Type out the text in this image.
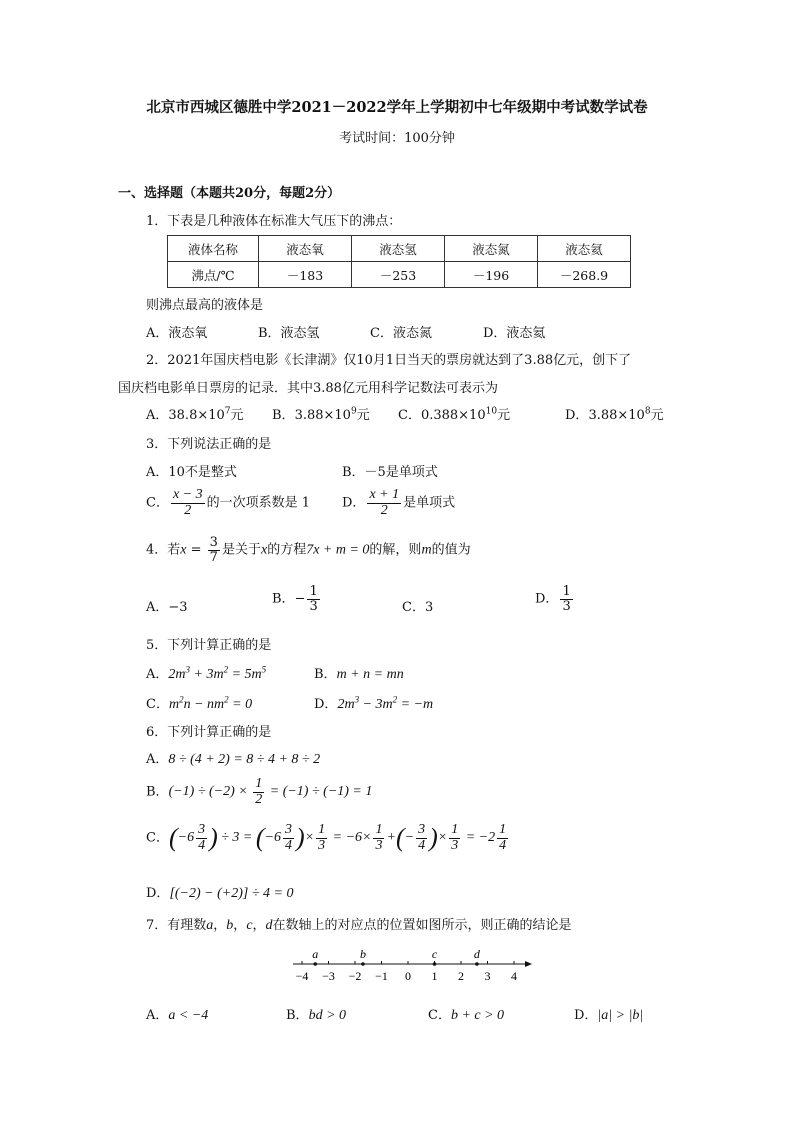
北京市西城区德胜中学2021－2022学年上学期初中七年级期中考试数学试卷
考试时间：100分钟
一、选择题（本题共20分，每题2分）
1．下表是几种液体在标准大气压下的沸点：
液体名称	液态氧	液态氢	液态氮	液态氦
沸点/℃	－183	－253	－196	－268.9
则沸点最高的液体是
A．液态氧	B．液态氢	C．液态氮	D．液态氦
2．2021年国庆档电影《长津湖》仅10月1日当天的票房就达到了3.88亿元，创下了
国庆档电影单日票房的记录．其中3.88亿元用科学记数法可表示为
A．$38.8\times 10^7$元 B．$3.88\times 10^9$元 C．$0.388\times 10^{10}$元	D．$3.88\times 10^8$元
3．下列说法正确的是
A．10不是整式	B．－5是单项式
C． $\frac{x - 3}{2}$ 的一次项系数是 1 D． $\frac{x + 1}{2}$ 是单项式
4．若$x = \frac{3}{7}$ 是关于x的方程7x + m = 0的解，则m的值为
A．−3
B．− $\frac{1}{3}$	C．3
D． $\frac{1}{3}$
5．下列计算正确的是
A．$2m^3 + 3m^2 = 5m^5$	B．m + n = mn
C．$m^2n - nm^2 = 0$	D．$2m^3 - 3m^2 = -m$
6．下列计算正确的是
A．8 ÷ (4 + 2) = 8 ÷ 4 + 8 ÷ 2
B．$(-1) \div (-2) \times \frac{1}{2} = (-1) \div (-1) = 1$
C．($-6 \frac{3}{4}$ ) ÷ $3 = (-6 \frac{3}{4}$ )× $\frac{1}{3} = -6\times \frac{1}{3}$ +(− $\frac{3}{4}$ )× $\frac{1}{3} = -2 \frac{1}{4}$
D．[(−2) − (+2)] ÷ 4 = 0
7．有理数a，b，c，d在数轴上的对应点的位置如图所示，则正确的结论是
−4 −3 −2 −1 0 1 2 3 4
a	b	c	d
A．a < −4	B．bd > 0	C．b + c > 0	D．|a| > |b|
